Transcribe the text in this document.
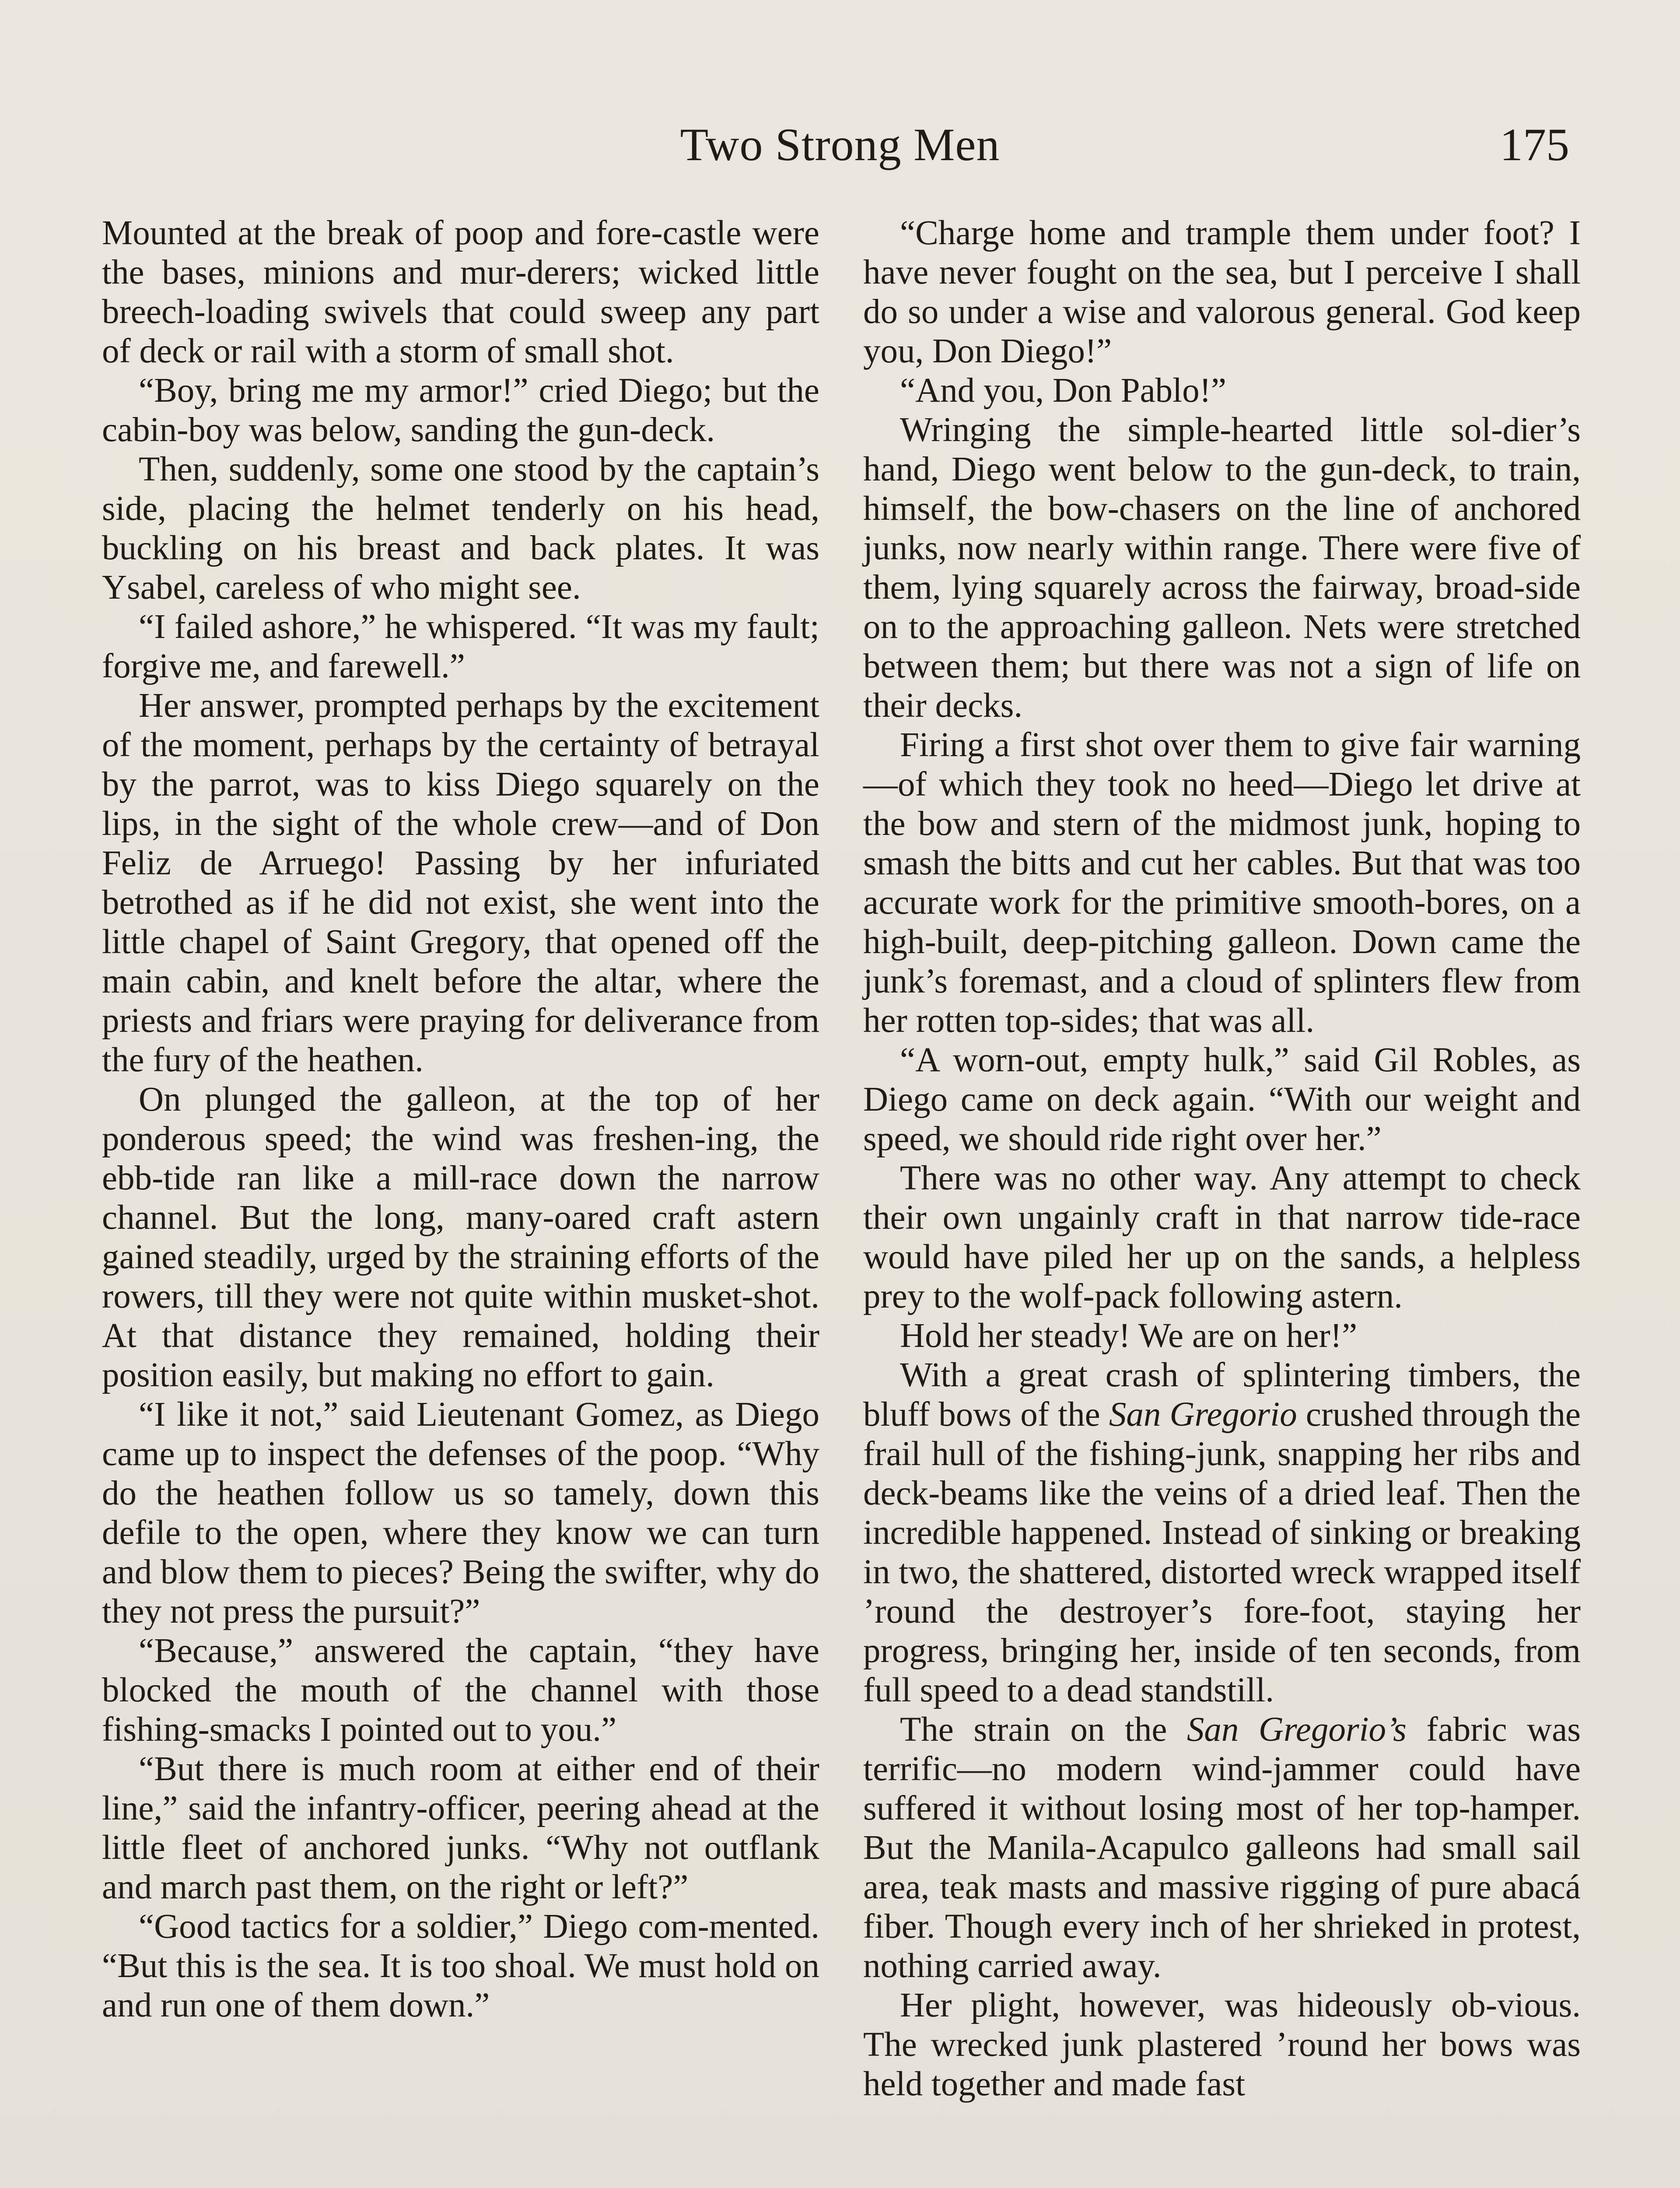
Two Strong Men	175

Mounted at the break of poop and fore-castle were the bases, minions and mur-derers; wicked little breech-loading swivels that could sweep any part of deck or rail with a storm of small shot.

“Boy, bring me my armor!” cried Diego; but the cabin-boy was below, sanding the gun-deck.

Then, suddenly, some one stood by the captain’s side, placing the helmet tenderly on his head, buckling on his breast and back plates. It was Ysabel, careless of who might see.

“I failed ashore,” he whispered. “It was my fault; forgive me, and farewell.”

Her answer, prompted perhaps by the excitement of the moment, perhaps by the certainty of betrayal by the parrot, was to kiss Diego squarely on the lips, in the sight of the whole crew—and of Don Feliz de Arruego! Passing by her infuriated betrothed as if he did not exist, she went into the little chapel of Saint Gregory, that opened off the main cabin, and knelt before the altar, where the priests and friars were praying for deliverance from the fury of the heathen.

On plunged the galleon, at the top of her ponderous speed; the wind was freshen-ing, the ebb-tide ran like a mill-race down the narrow channel. But the long, many-oared craft astern gained steadily, urged by the straining efforts of the rowers, till they were not quite within musket-shot. At that distance they remained, holding their position easily, but making no effort to gain.

“I like it not,” said Lieutenant Gomez, as Diego came up to inspect the defenses of the poop. “Why do the heathen follow us so tamely, down this defile to the open, where they know we can turn and blow them to pieces? Being the swifter, why do they not press the pursuit?”

“Because,” answered the captain, “they have blocked the mouth of the channel with those fishing-smacks I pointed out to you.”

“But there is much room at either end of their line,” said the infantry-officer, peering ahead at the little fleet of anchored junks. “Why not outflank and march past them, on the right or left?”

“Good tactics for a soldier,” Diego com-mented. “But this is the sea. It is too shoal. We must hold on and run one of them down.”

“Charge home and trample them under foot? I have never fought on the sea, but I perceive I shall do so under a wise and valorous general. God keep you, Don Diego!”

“And you, Don Pablo!”

Wringing the simple-hearted little sol-dier’s hand, Diego went below to the gun-deck, to train, himself, the bow-chasers on the line of anchored junks, now nearly within range. There were five of them, lying squarely across the fairway, broad-side on to the approaching galleon. Nets were stretched between them; but there was not a sign of life on their decks.

Firing a first shot over them to give fair warning—of which they took no heed—Diego let drive at the bow and stern of the midmost junk, hoping to smash the bitts and cut her cables. But that was too accurate work for the primitive smooth-bores, on a high-built, deep-pitching galleon. Down came the junk’s foremast, and a cloud of splinters flew from her rotten top-sides; that was all.

“A worn-out, empty hulk,” said Gil Robles, as Diego came on deck again. “With our weight and speed, we should ride right over her.”

There was no other way. Any attempt to check their own ungainly craft in that narrow tide-race would have piled her up on the sands, a helpless prey to the wolf-pack following astern.

Hold her steady! We are on her!”

With a great crash of splintering timbers, the bluff bows of the San Gregorio crushed through the frail hull of the fishing-junk, snapping her ribs and deck-beams like the veins of a dried leaf. Then the incredible happened. Instead of sinking or breaking in two, the shattered, distorted wreck wrapped itself ’round the destroyer’s fore-foot, staying her progress, bringing her, inside of ten seconds, from full speed to a dead standstill.

The strain on the San Gregorio’s fabric was terrific—no modern wind-jammer could have suffered it without losing most of her top-hamper. But the Manila-Acapulco galleons had small sail area, teak masts and massive rigging of pure abacá fiber. Though every inch of her shrieked in protest, nothing carried away.

Her plight, however, was hideously ob-vious. The wrecked junk plastered ’round her bows was held together and made fast
